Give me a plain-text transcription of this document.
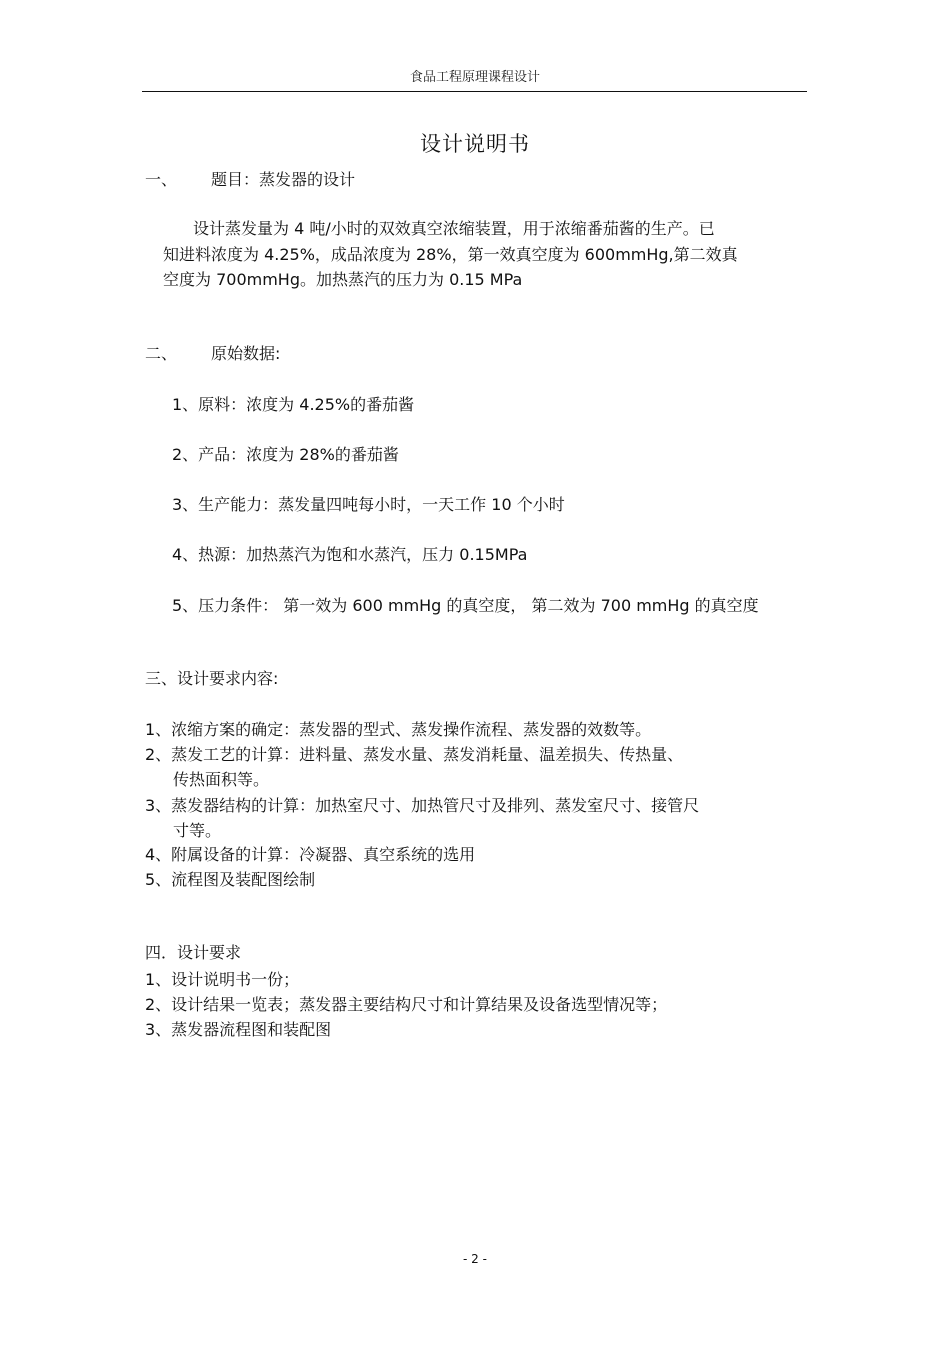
食品工程原理课程设计
设计说明书
一、 题目：蒸发器的设计
设计蒸发量为 4 吨/小时的双效真空浓缩装置，用于浓缩番茄酱的生产。已
知进料浓度为 4.25%，成品浓度为 28%，第一效真空度为 600mmHg,第二效真
空度为 700mmHg。加热蒸汽的压力为 0.15 MPa
二、 原始数据:
1、原料：浓度为 4.25%的番茄酱
2、产品：浓度为 28%的番茄酱
3、生产能力：蒸发量四吨每小时，一天工作 10 个小时
4、热源：加热蒸汽为饱和水蒸汽，压力 0.15MPa
5、压力条件： 第一效为 600 mmHg 的真空度， 第二效为 700 mmHg 的真空度
三、设计要求内容:
1、浓缩方案的确定：蒸发器的型式、蒸发操作流程、蒸发器的效数等。
2、蒸发工艺的计算：进料量、蒸发水量、蒸发消耗量、温差损失、传热量、
传热面积等。
3、蒸发器结构的计算：加热室尺寸、加热管尺寸及排列、蒸发室尺寸、接管尺
寸等。
4、附属设备的计算：冷凝器、真空系统的选用
5、流程图及装配图绘制
四．设计要求
1、设计说明书一份；
2、设计结果一览表；蒸发器主要结构尺寸和计算结果及设备选型情况等；
3、蒸发器流程图和装配图
- 2 -
